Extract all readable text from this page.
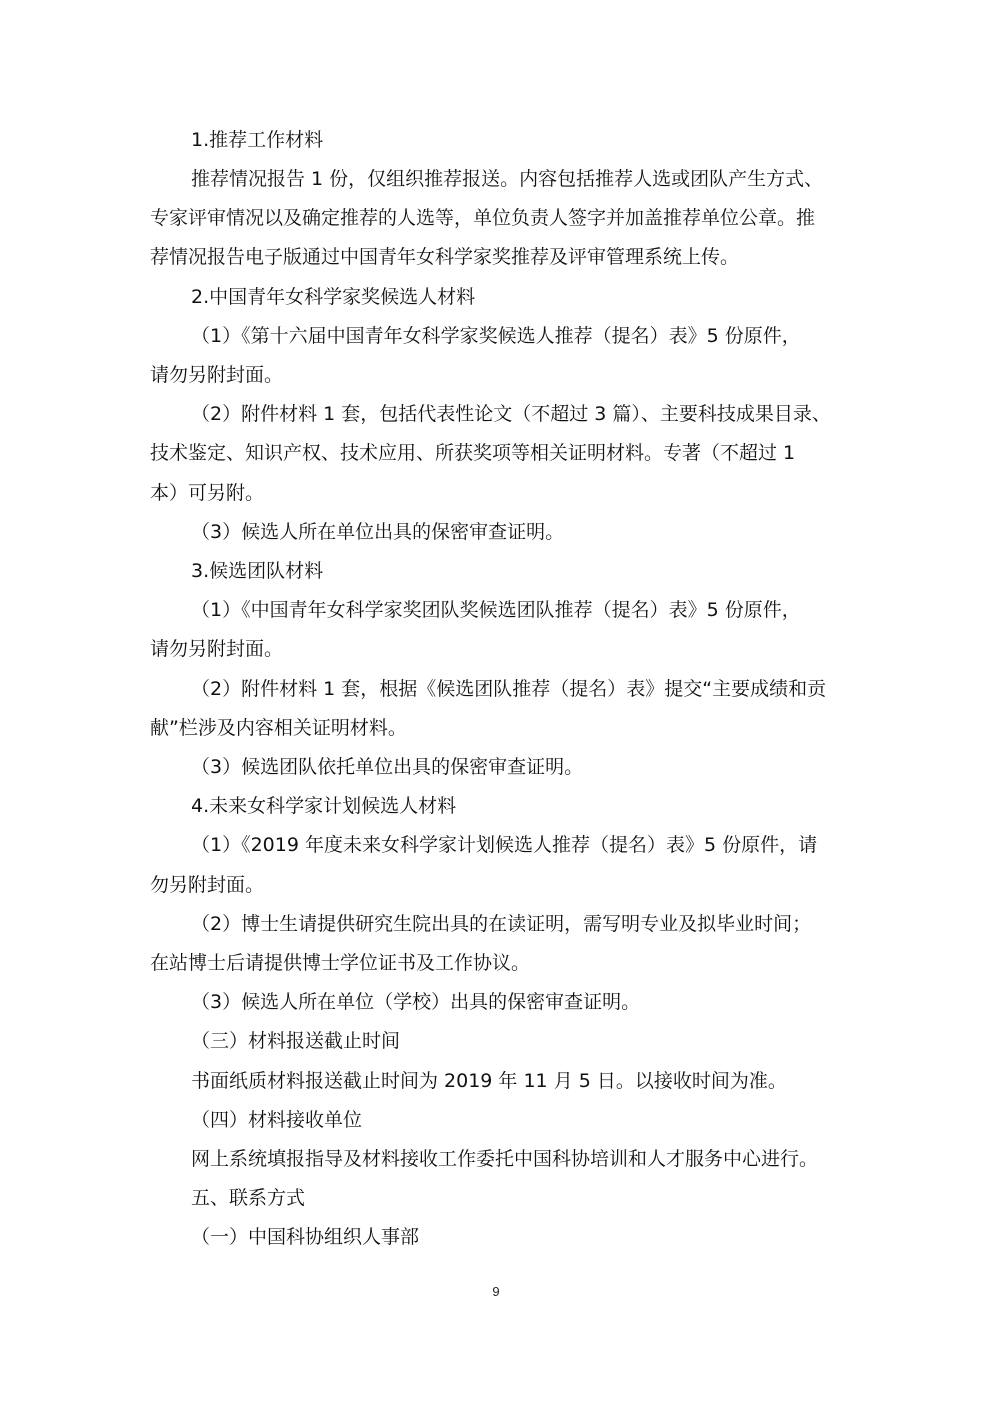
1.推荐工作材料
推荐情况报告 1 份，仅组织推荐报送。内容包括推荐人选或团队产生方式、
专家评审情况以及确定推荐的人选等，单位负责人签字并加盖推荐单位公章。推
荐情况报告电子版通过中国青年女科学家奖推荐及评审管理系统上传。
2.中国青年女科学家奖候选人材料
（1）《第十六届中国青年女科学家奖候选人推荐（提名）表》5 份原件，
请勿另附封面。
（2）附件材料 1 套，包括代表性论文（不超过 3 篇）、主要科技成果目录、
技术鉴定、知识产权、技术应用、所获奖项等相关证明材料。专著（不超过 1
本）可另附。
（3）候选人所在单位出具的保密审查证明。
3.候选团队材料
（1）《中国青年女科学家奖团队奖候选团队推荐（提名）表》5 份原件，
请勿另附封面。
（2）附件材料 1 套，根据《候选团队推荐（提名）表》提交“主要成绩和贡
献”栏涉及内容相关证明材料。
（3）候选团队依托单位出具的保密审查证明。
4.未来女科学家计划候选人材料
（1）《2019 年度未来女科学家计划候选人推荐（提名）表》5 份原件，请
勿另附封面。
（2）博士生请提供研究生院出具的在读证明，需写明专业及拟毕业时间；
在站博士后请提供博士学位证书及工作协议。
（3）候选人所在单位（学校）出具的保密审查证明。
（三）材料报送截止时间
书面纸质材料报送截止时间为 2019 年 11 月 5 日。以接收时间为准。
（四）材料接收单位
网上系统填报指导及材料接收工作委托中国科协培训和人才服务中心进行。
五、联系方式
（一）中国科协组织人事部
9
